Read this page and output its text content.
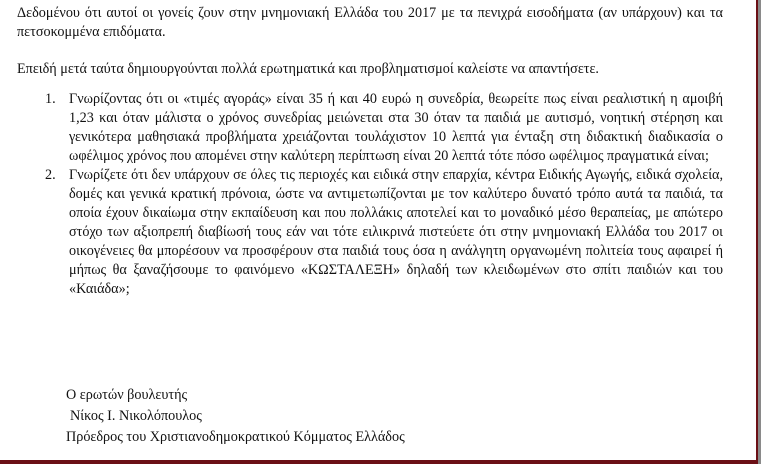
Δεδομένου ότι αυτοί οι γονείς ζουν στην μνημονιακή Ελλάδα του 2017 με τα πενιχρά εισοδήματα (αν υπάρχουν) και τα πετσοκομμένα επιδόματα.

Επειδή μετά ταύτα δημιουργούνται πολλά ερωτηματικά και προβληματισμοί καλείστε να απαντήσετε.

1. Γνωρίζοντας ότι οι «τιμές αγοράς» είναι 35 ή και 40 ευρώ η συνεδρία, θεωρείτε πως είναι ρεαλιστική η αμοιβή 1,23 και όταν μάλιστα ο χρόνος συνεδρίας μειώνεται στα 30 όταν τα παιδιά με αυτισμό, νοητική στέρηση και γενικότερα μαθησιακά προβλήματα χρειάζονται τουλάχιστον 10 λεπτά για ένταξη στη διδακτική διαδικασία ο ωφέλιμος χρόνος που απομένει στην καλύτερη περίπτωση είναι 20 λεπτά τότε πόσο ωφέλιμος πραγματικά είναι;
2. Γνωρίζετε ότι δεν υπάρχουν σε όλες τις περιοχές και ειδικά στην επαρχία, κέντρα Ειδικής Αγωγής, ειδικά σχολεία, δομές και γενικά κρατική πρόνοια, ώστε να αντιμετωπίζονται με τον καλύτερο δυνατό τρόπο αυτά τα παιδιά, τα οποία έχουν δικαίωμα στην εκπαίδευση και που πολλάκις αποτελεί και το μοναδικό μέσο θεραπείας, με απώτερο στόχο των αξιοπρεπή διαβίωσή τους εάν ναι τότε ειλικρινά πιστεύετε ότι στην μνημονιακή Ελλάδα του 2017 οι οικογένειες θα μπορέσουν να προσφέρουν στα παιδιά τους όσα η ανάλγητη οργανωμένη πολιτεία τους αφαιρεί ή μήπως θα ξαναζήσουμε το φαινόμενο «ΚΩΣΤΑΛΕΞΗ» δηλαδή των κλειδωμένων στο σπίτι παιδιών και του «Καιάδα»;
Ο ερωτών βουλευτής
Νίκος Ι. Νικολόπουλος
Πρόεδρος του Χριστιανοδημοκρατικού Κόμματος Ελλάδος
